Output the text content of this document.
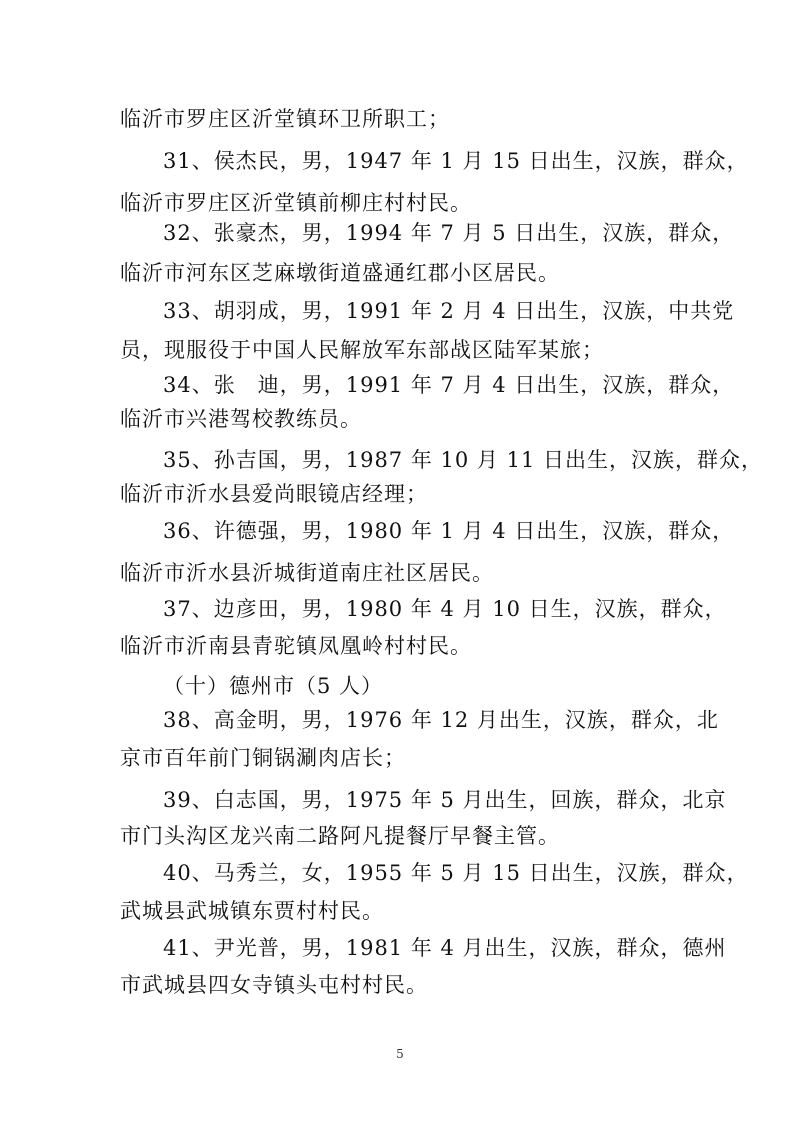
临沂市罗庄区沂堂镇环卫所职工；
31、侯杰民，男，1947 年 1 月 15 日出生，汉族，群众，
临沂市罗庄区沂堂镇前柳庄村村民。
32、张豪杰，男，1994 年 7 月 5 日出生，汉族，群众，
临沂市河东区芝麻墩街道盛通红郡小区居民。
33、胡羽成，男，1991 年 2 月 4 日出生，汉族，中共党
员，现服役于中国人民解放军东部战区陆军某旅；
34、张　迪，男，1991 年 7 月 4 日出生，汉族，群众，
临沂市兴港驾校教练员。
35、孙吉国，男，1987 年 10 月 11 日出生，汉族，群众，
临沂市沂水县爱尚眼镜店经理；
36、许德强，男，1980 年 1 月 4 日出生，汉族，群众，
临沂市沂水县沂城街道南庄社区居民。
37、边彦田，男，1980 年 4 月 10 日生，汉族，群众，
临沂市沂南县青驼镇凤凰岭村村民。
（十）德州市（5 人）
38、高金明，男，1976 年 12 月出生，汉族，群众，北
京市百年前门铜锅涮肉店长；
39、白志国，男，1975 年 5 月出生，回族，群众，北京
市门头沟区龙兴南二路阿凡提餐厅早餐主管。
40、马秀兰，女，1955 年 5 月 15 日出生，汉族，群众，
武城县武城镇东贾村村民。
41、尹光普，男，1981 年 4 月出生，汉族，群众，德州
市武城县四女寺镇头屯村村民。
5
